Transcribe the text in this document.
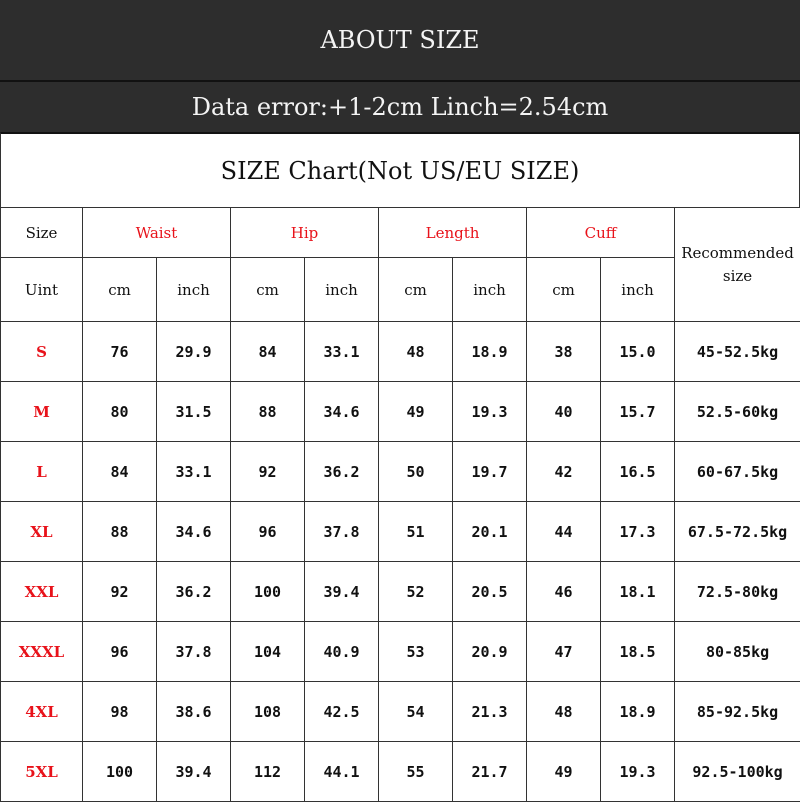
ABOUT SIZE
Data error:+1-2cm Linch=2.54cm
SIZE Chart(Not US/EU SIZE)
Size	Waist		Hip		Length		Cuff		Recommended
size
Uint	cm	inch	cm	inch	cm	inch	cm	inch	
S	76	29.9	84	33.1	48	18.9	38	15.0	45-52.5kg
M	80	31.5	88	34.6	49	19.3	40	15.7	52.5-60kg
L	84	33.1	92	36.2	50	19.7	42	16.5	60-67.5kg
XL	88	34.6	96	37.8	51	20.1	44	17.3	67.5-72.5kg
XXL	92	36.2	100	39.4	52	20.5	46	18.1	72.5-80kg
XXXL	96	37.8	104	40.9	53	20.9	47	18.5	80-85kg
4XL	98	38.6	108	42.5	54	21.3	48	18.9	85-92.5kg
5XL	100	39.4	112	44.1	55	21.7	49	19.3	92.5-100kg
